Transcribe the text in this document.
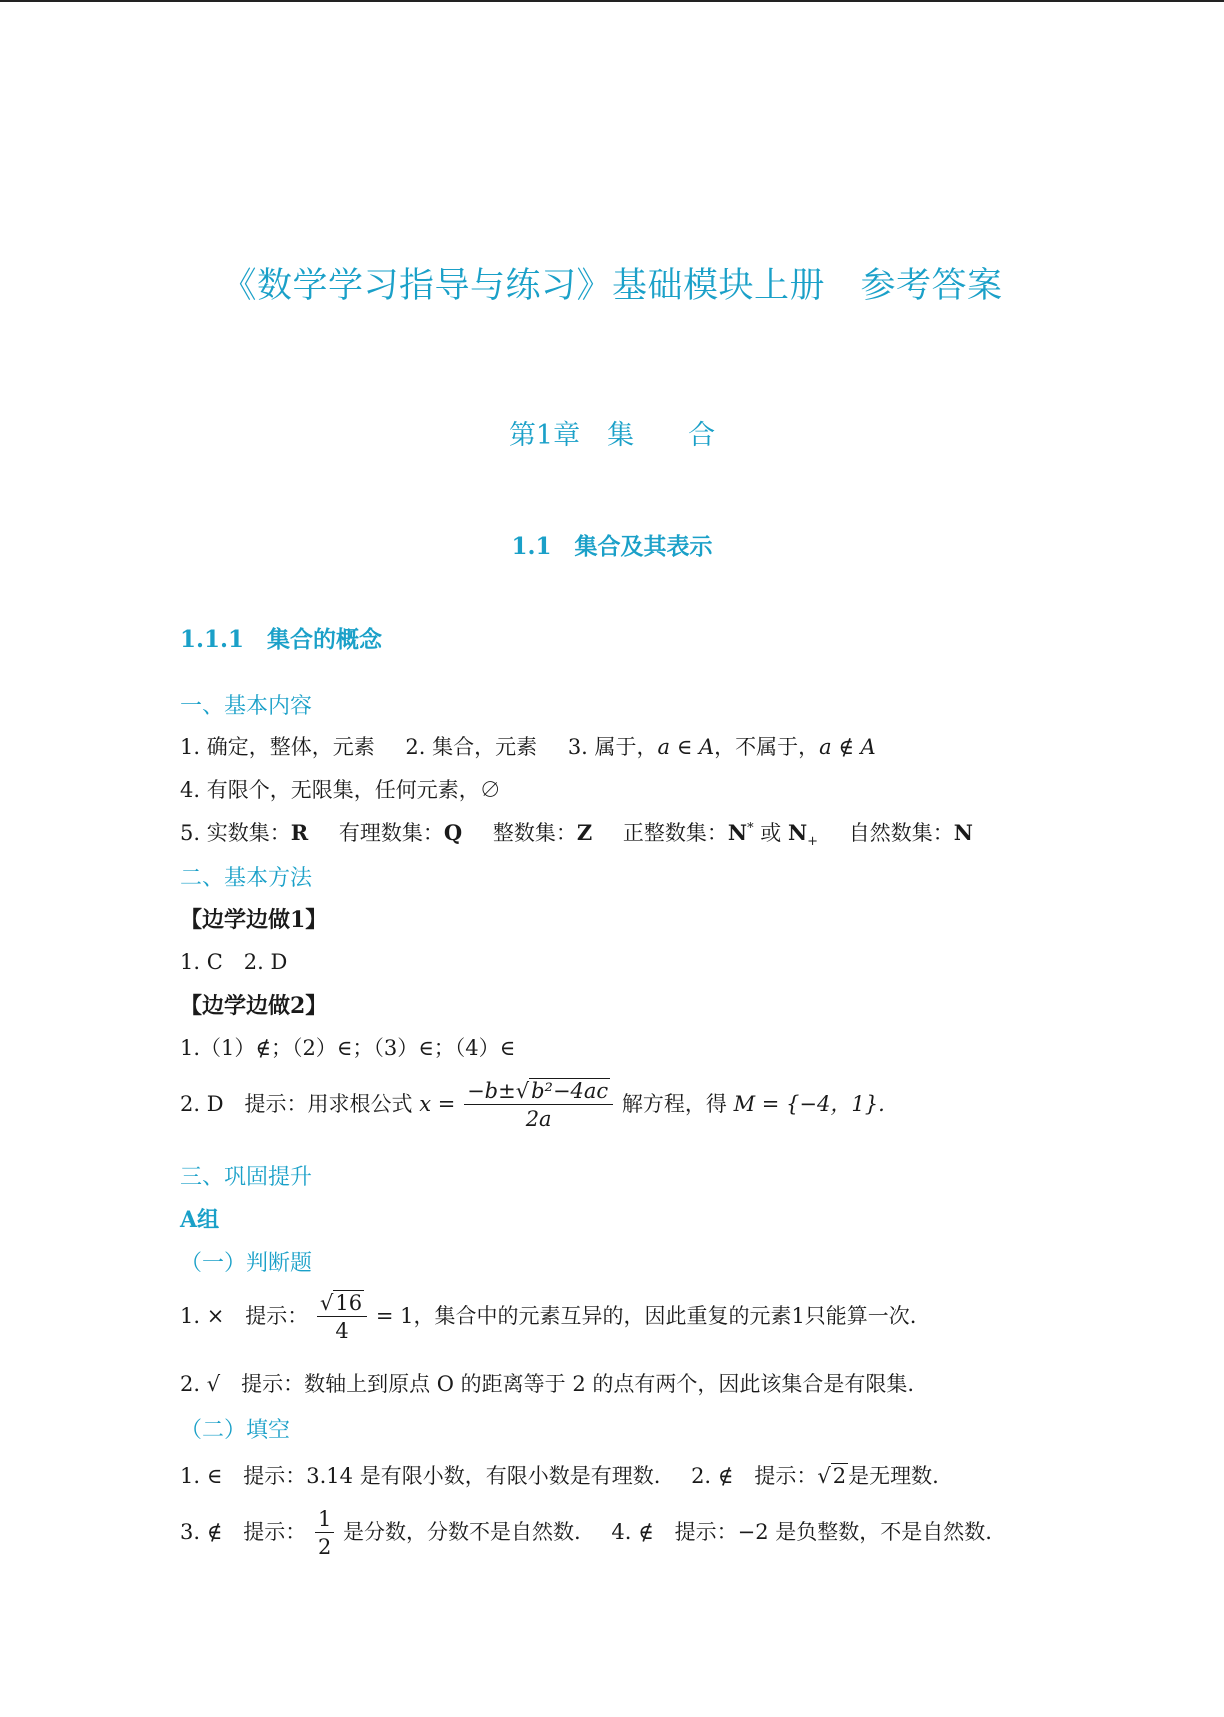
《数学学习指导与练习》基础模块上册　参考答案
第1章　集　　合
1.1　集合及其表示
1.1.1　集合的概念
一、基本内容
1. 确定，整体，元素 2. 集合，元素 3. 属于，a ∈ A，不属于，a ∉ A
4. 有限个，无限集，任何元素，∅
5. 实数集：R 有理数集：Q 整数集：Z 正整数集：N* 或 $N_+$ 自然数集：N
二、基本方法
【边学边做1】
1. C　2. D
【边学边做2】
1.（1）∉；（2）∈；（3）∈；（4）∈
2. D　提示：用求根公式 $x = \frac{\text{−b±√b²−4ac}}{2a}$ 解方程，得 M = {−4，1}.
三、巩固提升
A组
（一）判断题
1. ×　提示： $\frac{√16}{4} = 1$，集合中的元素互异的，因此重复的元素1只能算一次.
2. √　提示：数轴上到原点 O 的距离等于 2 的点有两个，因此该集合是有限集.
（二）填空
1. ∈　提示：3.14 是有限小数，有限小数是有理数. 2. ∉　提示：√2是无理数.
3. ∉　提示： $\frac{1}{2}$ 是分数，分数不是自然数. 4. ∉　提示：−2 是负整数，不是自然数.
